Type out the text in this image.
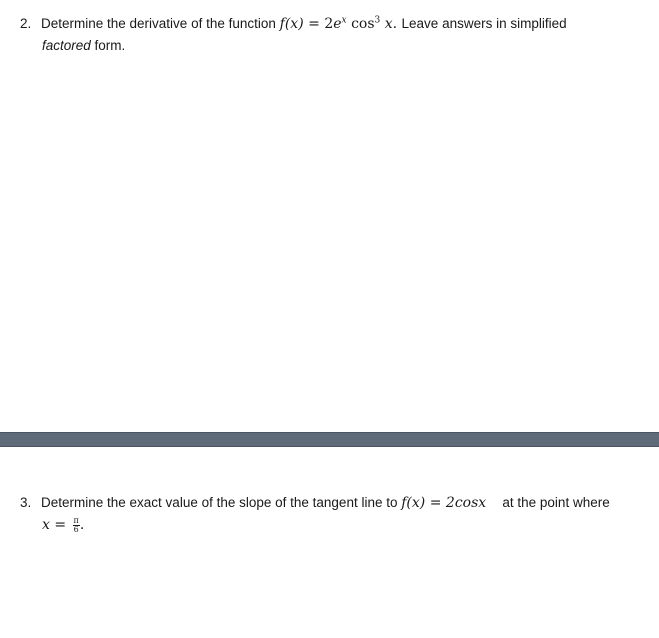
2. Determine the derivative of the function $f(x) = 2e^x$ $\cos^3 x$. Leave answers in simplified
factored form.
3. Determine the exact value of the slope of the tangent line to f(x) = 2cosx at the point where
$x = \frac{\pi}{6}$ .
